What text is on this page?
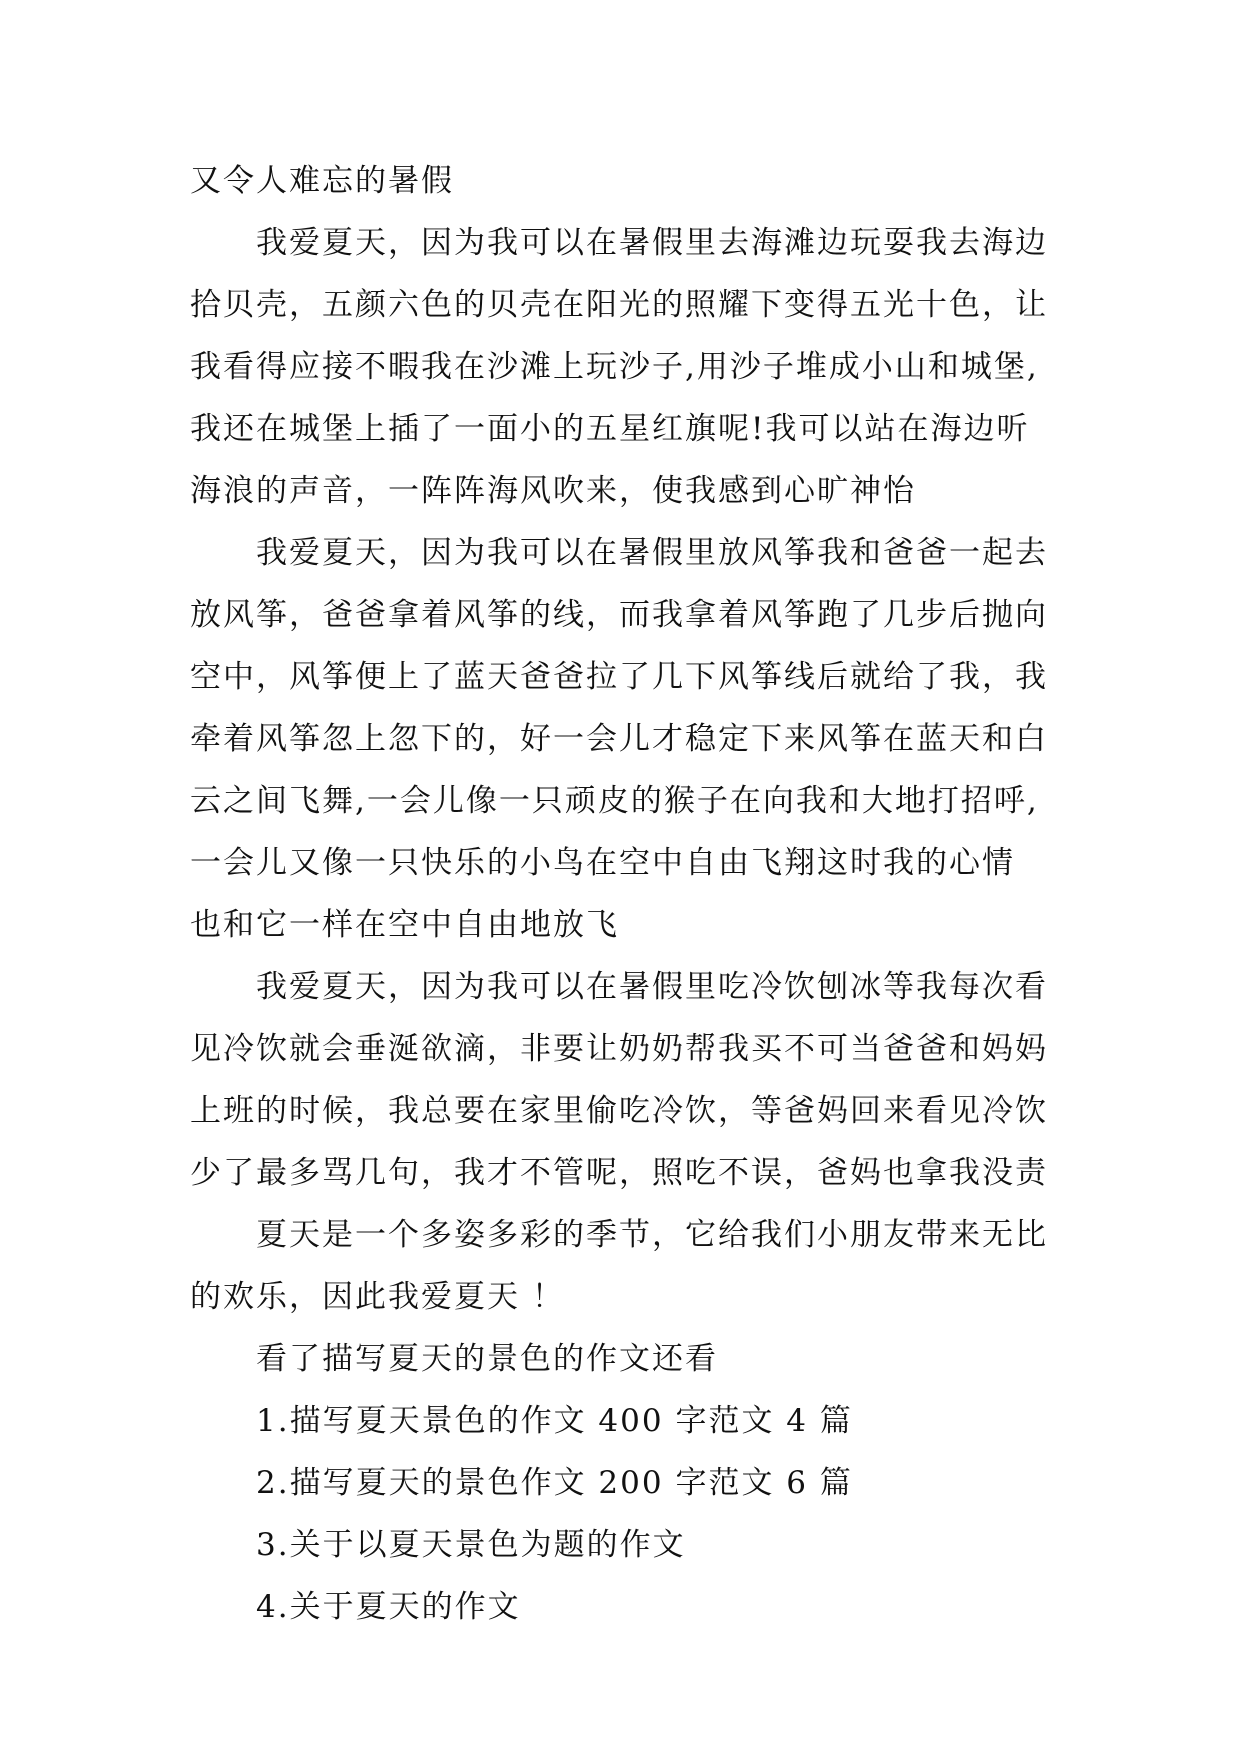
又令人难忘的暑假

我爱夏天，因为我可以在暑假里去海滩边玩耍我去海边

拾贝壳，五颜六色的贝壳在阳光的照耀下变得五光十色，让

我看得应接不暇我在沙滩上玩沙子,用沙子堆成小山和城堡,

我还在城堡上插了一面小的五星红旗呢!我可以站在海边听

海浪的声音，一阵阵海风吹来，使我感到心旷神怡

我爱夏天，因为我可以在暑假里放风筝我和爸爸一起去

放风筝，爸爸拿着风筝的线，而我拿着风筝跑了几步后抛向

空中，风筝便上了蓝天爸爸拉了几下风筝线后就给了我，我

牵着风筝忽上忽下的，好一会儿才稳定下来风筝在蓝天和白

云之间飞舞,一会儿像一只顽皮的猴子在向我和大地打招呼,

一会儿又像一只快乐的小鸟在空中自由飞翔这时我的心情

也和它一样在空中自由地放飞

我爱夏天，因为我可以在暑假里吃冷饮刨冰等我每次看

见冷饮就会垂涎欲滴，非要让奶奶帮我买不可当爸爸和妈妈

上班的时候，我总要在家里偷吃冷饮，等爸妈回来看见冷饮

少了最多骂几句，我才不管呢，照吃不误，爸妈也拿我没责

夏天是一个多姿多彩的季节，它给我们小朋友带来无比

的欢乐，因此我爱夏天 ！

看了描写夏天的景色的作文还看

1.描写夏天景色的作文 400 字范文 4 篇

2.描写夏天的景色作文 200 字范文 6 篇

3.关于以夏天景色为题的作文

4.关于夏天的作文
